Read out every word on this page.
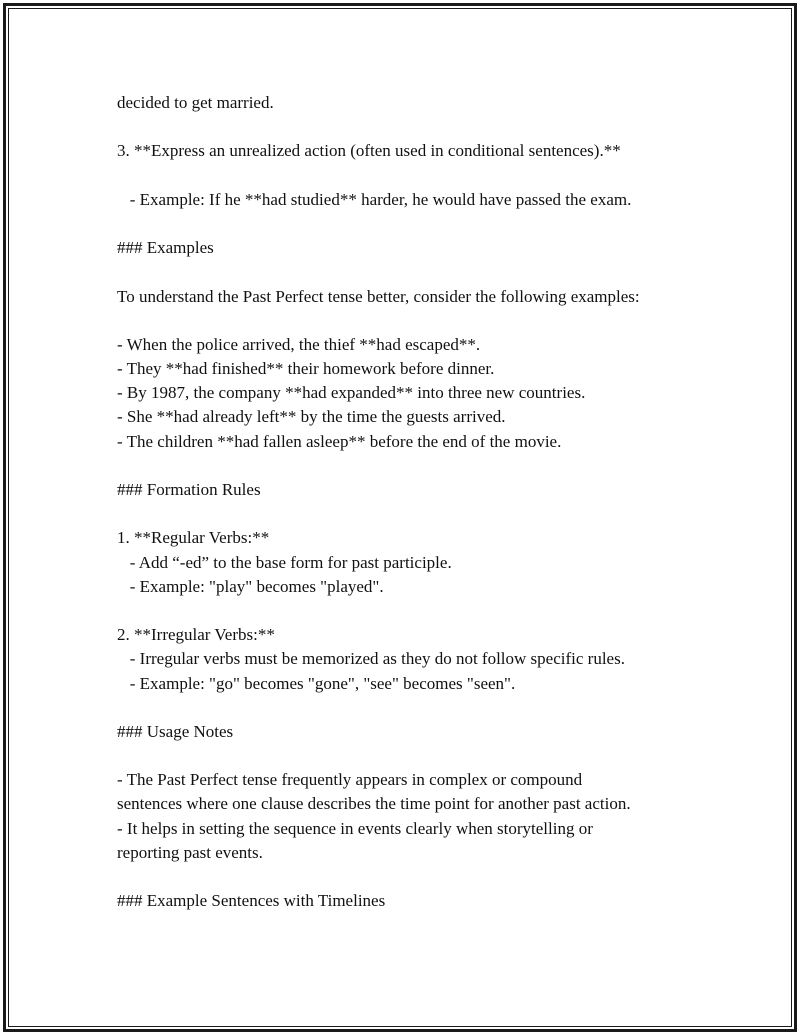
decided to get married.
3. **Express an unrealized action (often used in conditional sentences).**
- Example: If he **had studied** harder, he would have passed the exam.
### Examples
To understand the Past Perfect tense better, consider the following examples:
- When the police arrived, the thief **had escaped**.
- They **had finished** their homework before dinner.
- By 1987, the company **had expanded** into three new countries.
- She **had already left** by the time the guests arrived.
- The children **had fallen asleep** before the end of the movie.
### Formation Rules
1. **Regular Verbs:**
- Add “-ed” to the base form for past participle.
- Example: "play" becomes "played".
2. **Irregular Verbs:**
- Irregular verbs must be memorized as they do not follow specific rules.
- Example: "go" becomes "gone", "see" becomes "seen".
### Usage Notes
- The Past Perfect tense frequently appears in complex or compound
sentences where one clause describes the time point for another past action.
- It helps in setting the sequence in events clearly when storytelling or
reporting past events.
### Example Sentences with Timelines
